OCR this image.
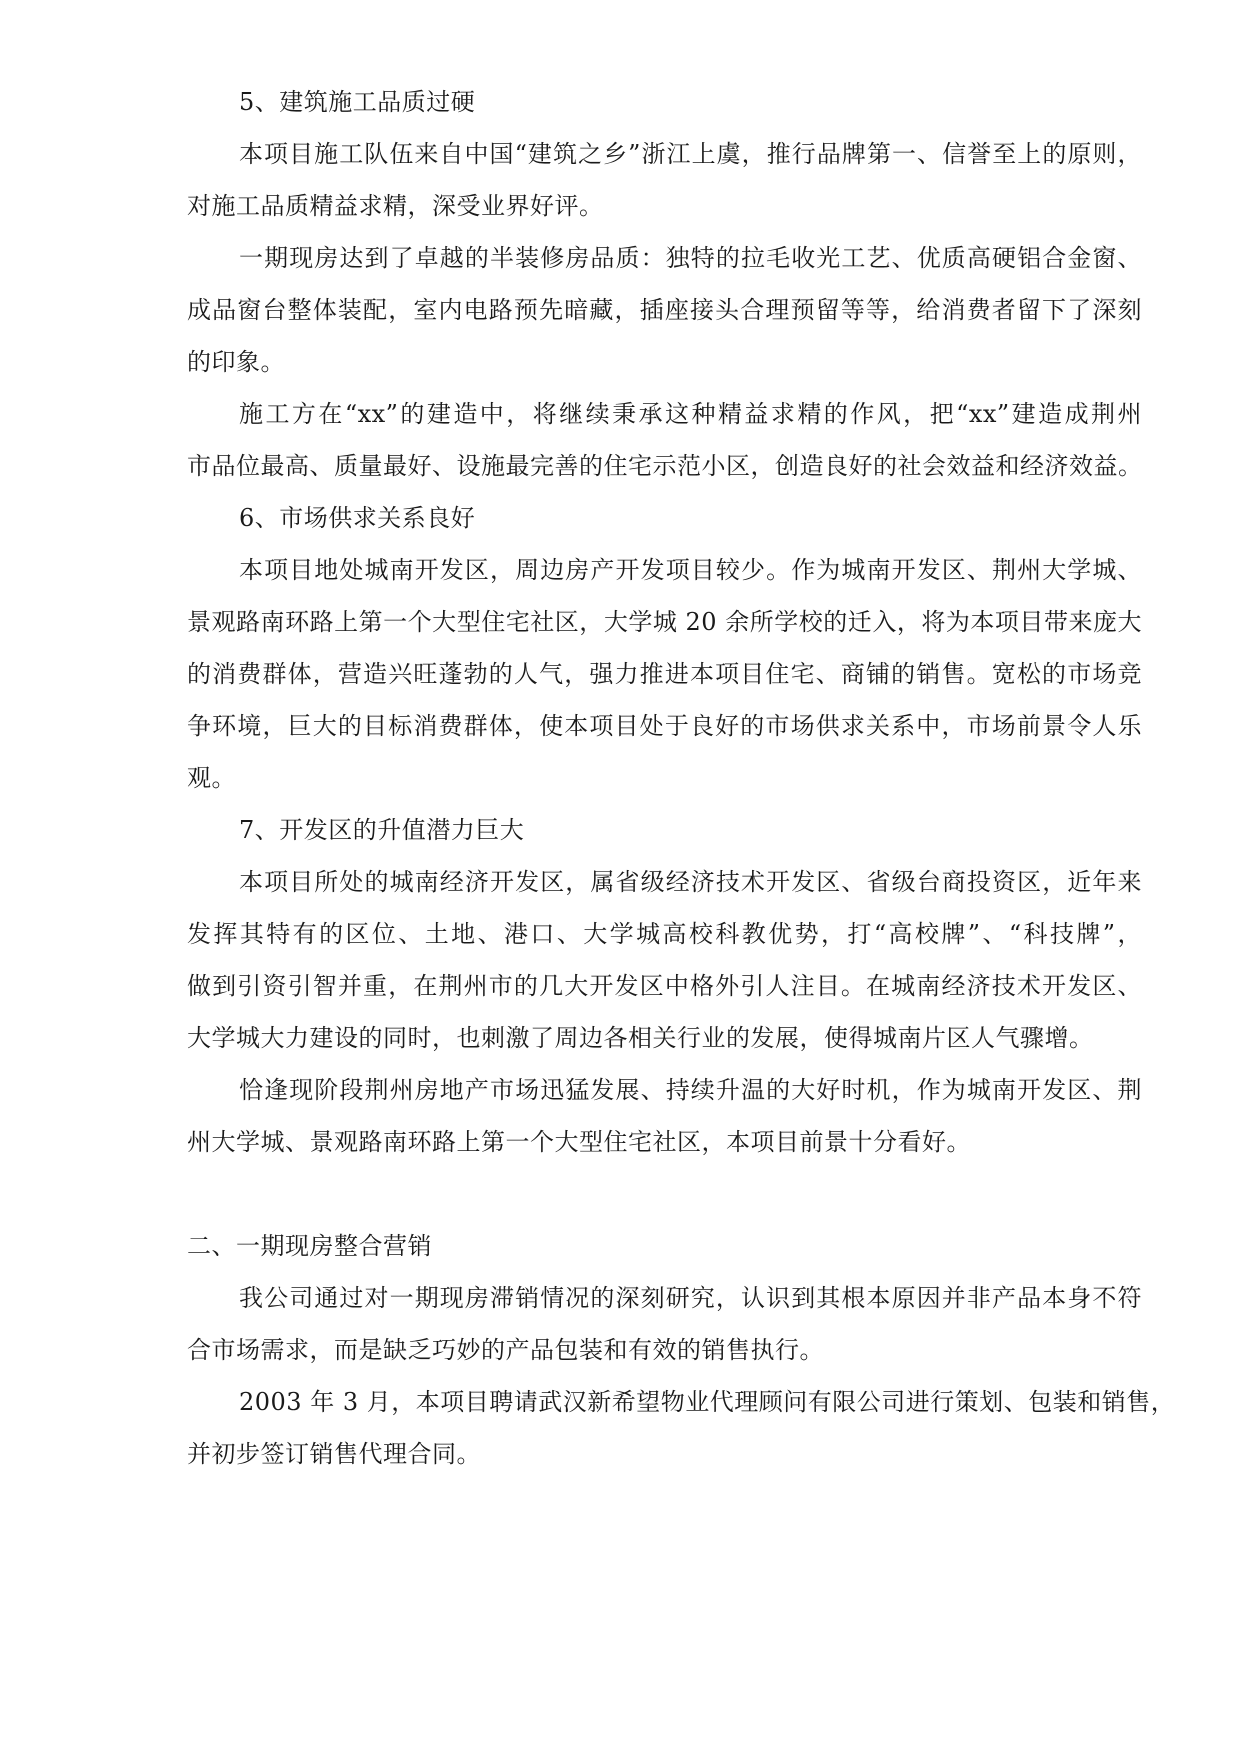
5、建筑施工品质过硬
本项目施工队伍来自中国“建筑之乡”浙江上虞，推行品牌第一、信誉至上的原则，
对施工品质精益求精，深受业界好评。
一期现房达到了卓越的半装修房品质：独特的拉毛收光工艺、优质高硬铝合金窗、
成品窗台整体装配，室内电路预先暗藏，插座接头合理预留等等，给消费者留下了深刻
的印象。
施工方在“xx”的建造中，将继续秉承这种精益求精的作风，把“xx”建造成荆州
市品位最高、质量最好、设施最完善的住宅示范小区，创造良好的社会效益和经济效益。
6、市场供求关系良好
本项目地处城南开发区，周边房产开发项目较少。作为城南开发区、荆州大学城、
景观路南环路上第一个大型住宅社区，大学城 20 余所学校的迁入，将为本项目带来庞大
的消费群体，营造兴旺蓬勃的人气，强力推进本项目住宅、商铺的销售。宽松的市场竞
争环境，巨大的目标消费群体，使本项目处于良好的市场供求关系中，市场前景令人乐
观。
7、开发区的升值潜力巨大
本项目所处的城南经济开发区，属省级经济技术开发区、省级台商投资区，近年来
发挥其特有的区位、土地、港口、大学城高校科教优势，打“高校牌”、“科技牌”，
做到引资引智并重，在荆州市的几大开发区中格外引人注目。在城南经济技术开发区、
大学城大力建设的同时，也刺激了周边各相关行业的发展，使得城南片区人气骤增。
恰逢现阶段荆州房地产市场迅猛发展、持续升温的大好时机，作为城南开发区、荆
州大学城、景观路南环路上第一个大型住宅社区，本项目前景十分看好。
二、一期现房整合营销
我公司通过对一期现房滞销情况的深刻研究，认识到其根本原因并非产品本身不符
合市场需求，而是缺乏巧妙的产品包装和有效的销售执行。
2003 年 3 月，本项目聘请武汉新希望物业代理顾问有限公司进行策划、包装和销售，
并初步签订销售代理合同。
